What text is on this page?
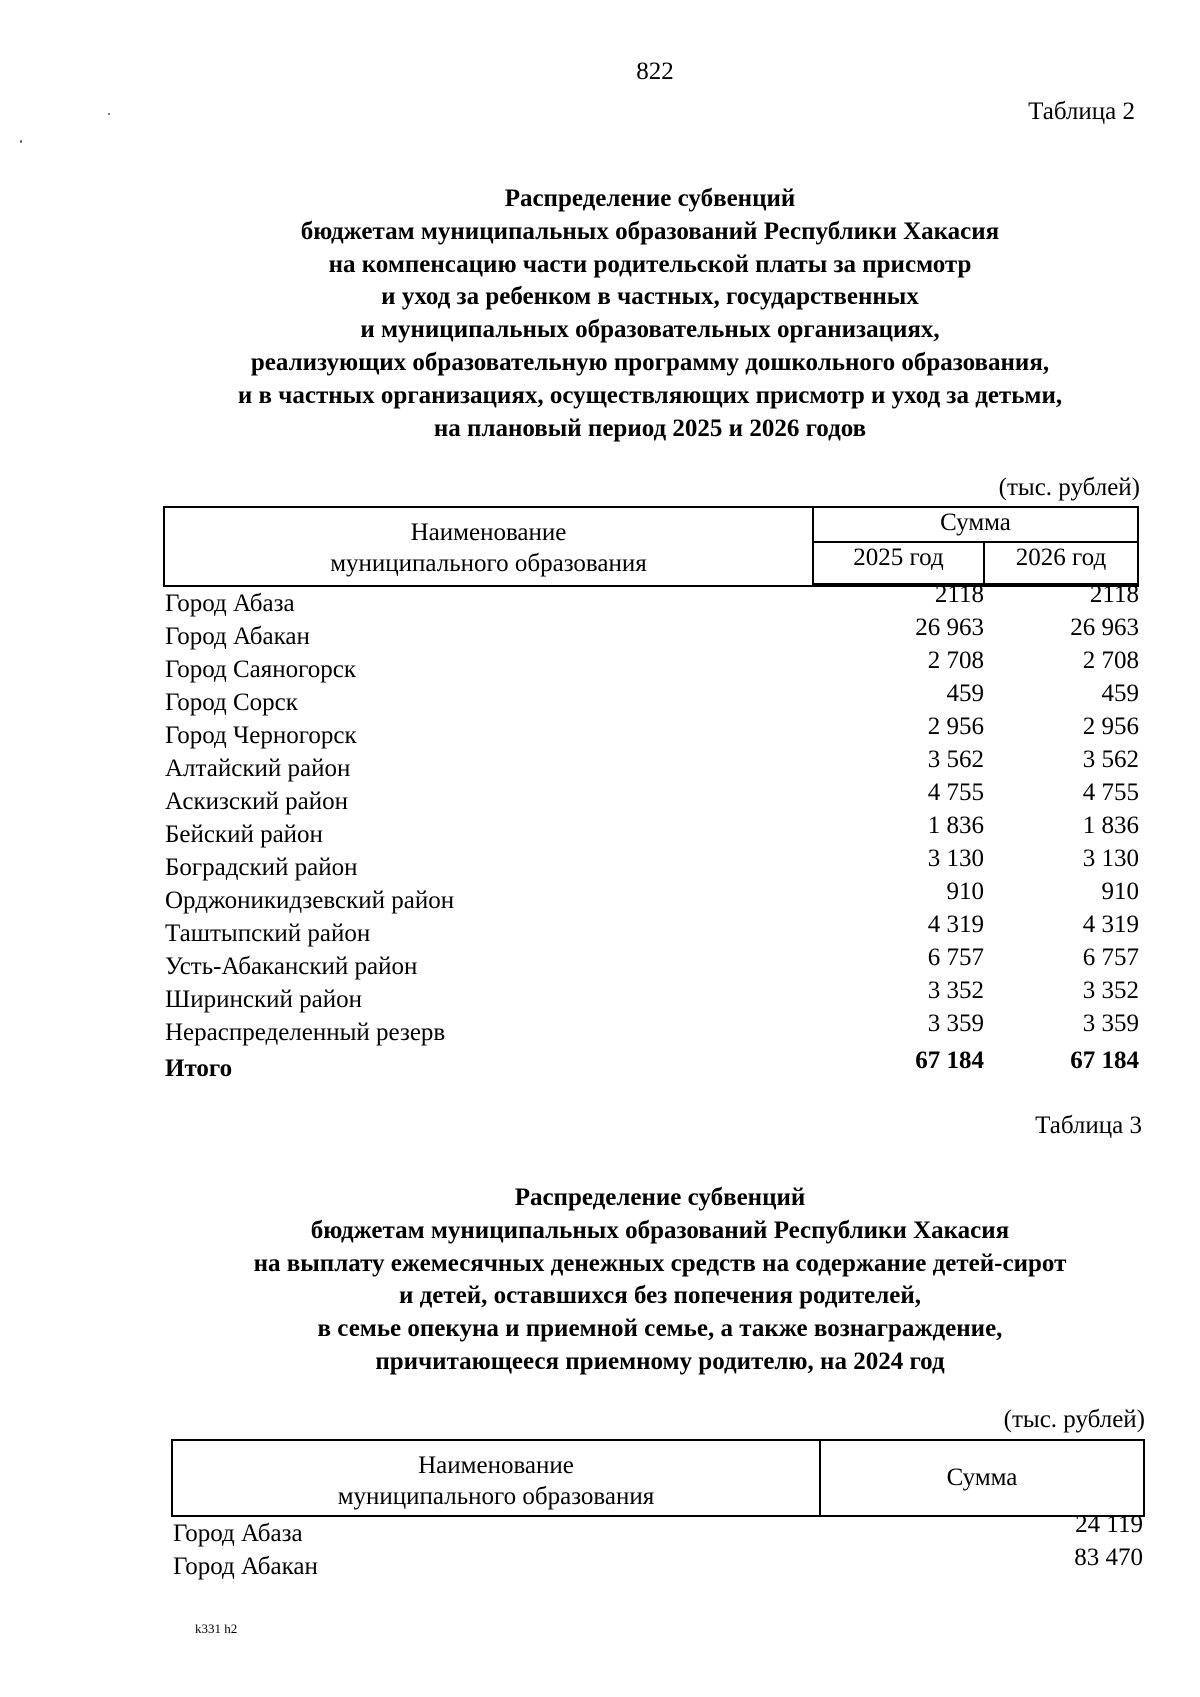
822
Таблица 2
Распределение субвенций
бюджетам муниципальных образований Республики Хакасия
на компенсацию части родительской платы за присмотр
и уход за ребенком в частных, государственных
и муниципальных образовательных организациях,
реализующих образовательную программу дошкольного образования,
и в частных организациях, осуществляющих присмотр и уход за детьми,
на плановый период 2025 и 2026 годов
(тыс. рублей)
Наименование
муниципального образования
Сумма
2025 год	2026 год
Город Абаза	2118	2118
Город Абакан	26 963	26 963
Город Саяногорск	2 708	2 708
Город Сорск	459	459
Город Черногорск	2 956	2 956
Алтайский район	3 562	3 562
Аскизский район	4 755	4 755
Бейский район	1 836	1 836
Боградский район	3 130	3 130
Орджоникидзевский район	910	910
Таштыпский район	4 319	4 319
Усть-Абаканский район	6 757	6 757
Ширинский район	3 352	3 352
Нераспределенный резерв	3 359	3 359
Итого	67 184	67 184
Таблица 3
Распределение субвенций
бюджетам муниципальных образований Республики Хакасия
на выплату ежемесячных денежных средств на содержание детей-сирот
и детей, оставшихся без попечения родителей,
в семье опекуна и приемной семье, а также вознаграждение,
причитающееся приемному родителю, на 2024 год
(тыс. рублей)
Наименование
муниципального образования
Сумма
Город Абаза	24 119
Город Абакан	83 470
k331 h2
